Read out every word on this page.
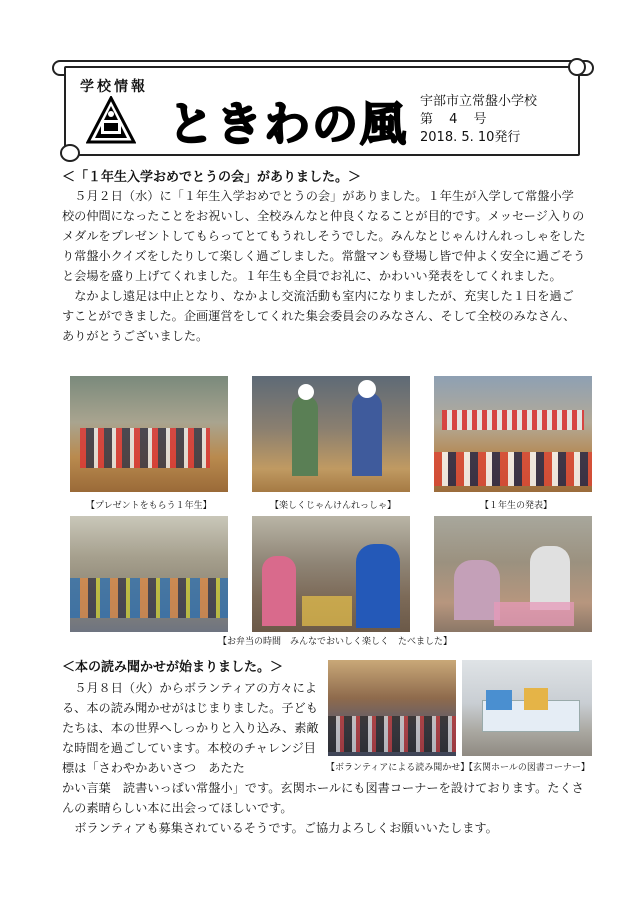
学校情報
ときわの風 宇部市立常盤小学校
第 4 号
2018. 5. 10発行
＜「１年生入学おめでとうの会」がありました。＞

５月２日（水）に「１年生入学おめでとうの会」がありました。１年生が入学して常盤小学校の仲間になったことをお祝いし、全校みんなと仲良くなることが目的です。メッセージ入りのメダルをプレゼントしてもらってとてもうれしそうでした。みんなとじゃんけんれっしゃをしたり常盤小クイズをしたりして楽しく過ごしました。常盤マンも登場し皆で仲よく安全に過ごそうと会場を盛り上げてくれました。１年生も全員でお礼に、かわいい発表をしてくれました。

なかよし遠足は中止となり、なかよし交流活動も室内になりましたが、充実した１日を過ごすことができました。企画運営をしてくれた集会委員会のみなさん、そして全校のみなさん、ありがとうございました。

【プレゼントをもらう１年生】	【楽しくじゃんけんれっしゃ】	【１年生の発表】
【お弁当の時間　みんなでおいしく楽しく　たべました】
＜本の読み聞かせが始まりました。＞

５月８日（火）からボランティアの方々による、本の読み聞かせがはじまりました。子どもたちは、本の世界へしっかりと入り込み、素敵な時間を過ごしています。本校のチャレンジ目標は「さわやかあいさつ　あたた	【ボランティアによる読み聞かせ】
【玄関ホールの図書コーナー】

かい言葉　読書いっぱい常盤小」です。玄関ホールにも図書コーナーを設けております。たくさんの素晴らしい本に出会ってほしいです。

ボランティアも募集されているそうです。ご協力よろしくお願いいたします。
